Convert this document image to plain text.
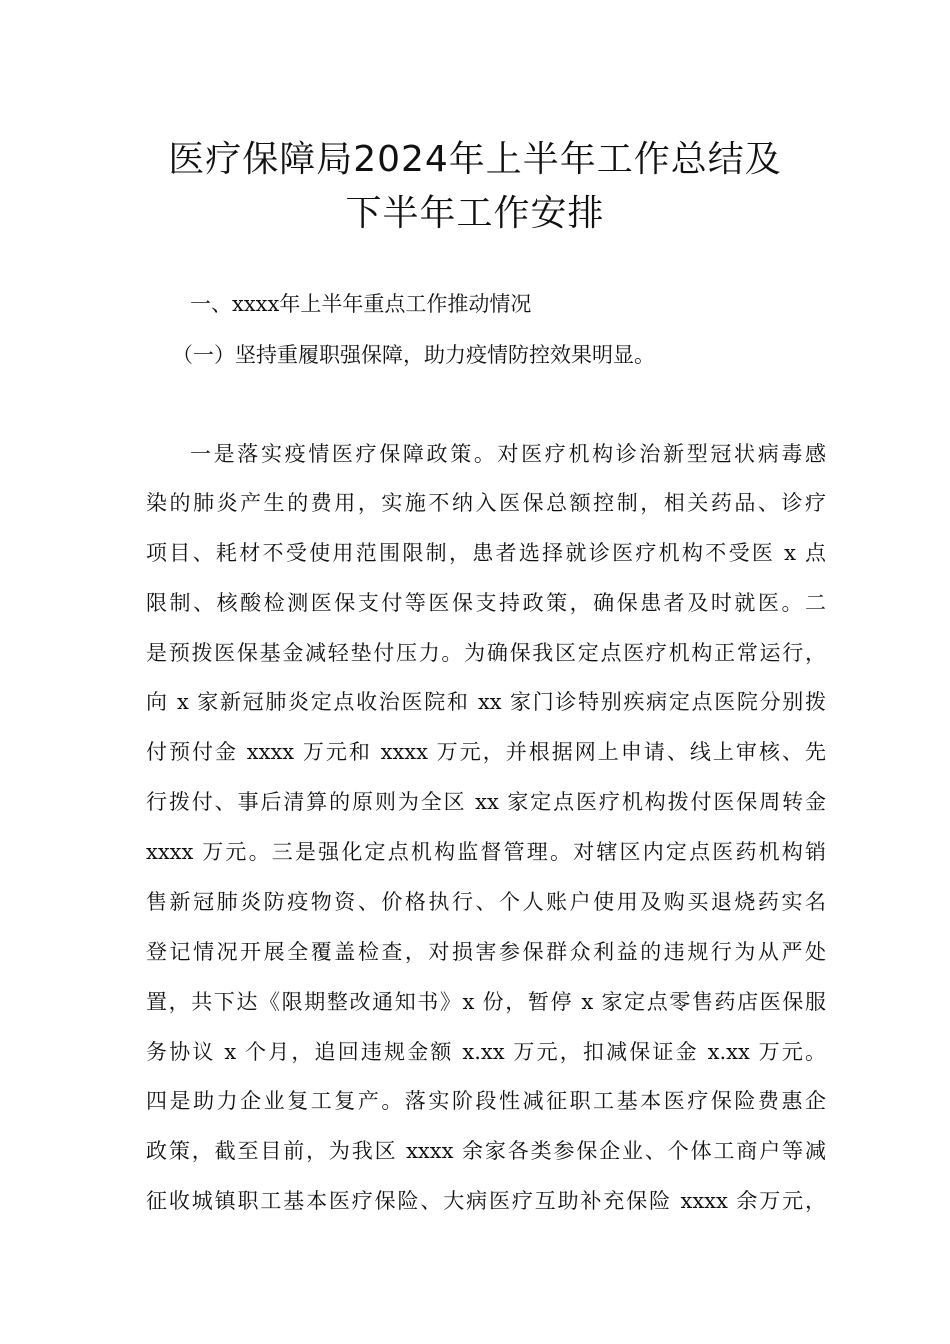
医疗保障局2024年上半年工作总结及
下半年工作安排
一、xxxx年上半年重点工作推动情况
（一）坚持重履职强保障，助力疫情防控效果明显。
一是落实疫情医疗保障政策。对医疗机构诊治新型冠状病毒感
染的肺炎产生的费用，实施不纳入医保总额控制，相关药品、诊疗
项目、耗材不受使用范围限制，患者选择就诊医疗机构不受医 x 点
限制、核酸检测医保支付等医保支持政策，确保患者及时就医。二
是预拨医保基金减轻垫付压力。为确保我区定点医疗机构正常运行，
向 x 家新冠肺炎定点收治医院和 xx 家门诊特别疾病定点医院分别拨
付预付金 xxxx 万元和 xxxx 万元，并根据网上申请、线上审核、先
行拨付、事后清算的原则为全区 xx 家定点医疗机构拨付医保周转金
xxxx 万元。三是强化定点机构监督管理。对辖区内定点医药机构销
售新冠肺炎防疫物资、价格执行、个人账户使用及购买退烧药实名
登记情况开展全覆盖检查，对损害参保群众利益的违规行为从严处
置，共下达《限期整改通知书》x 份，暂停 x 家定点零售药店医保服
务协议 x 个月，追回违规金额 x.xx 万元，扣减保证金 x.xx 万元。
四是助力企业复工复产。落实阶段性减征职工基本医疗保险费惠企
政策，截至目前，为我区 xxxx 余家各类参保企业、个体工商户等减
征收城镇职工基本医疗保险、大病医疗互助补充保险 xxxx 余万元，
